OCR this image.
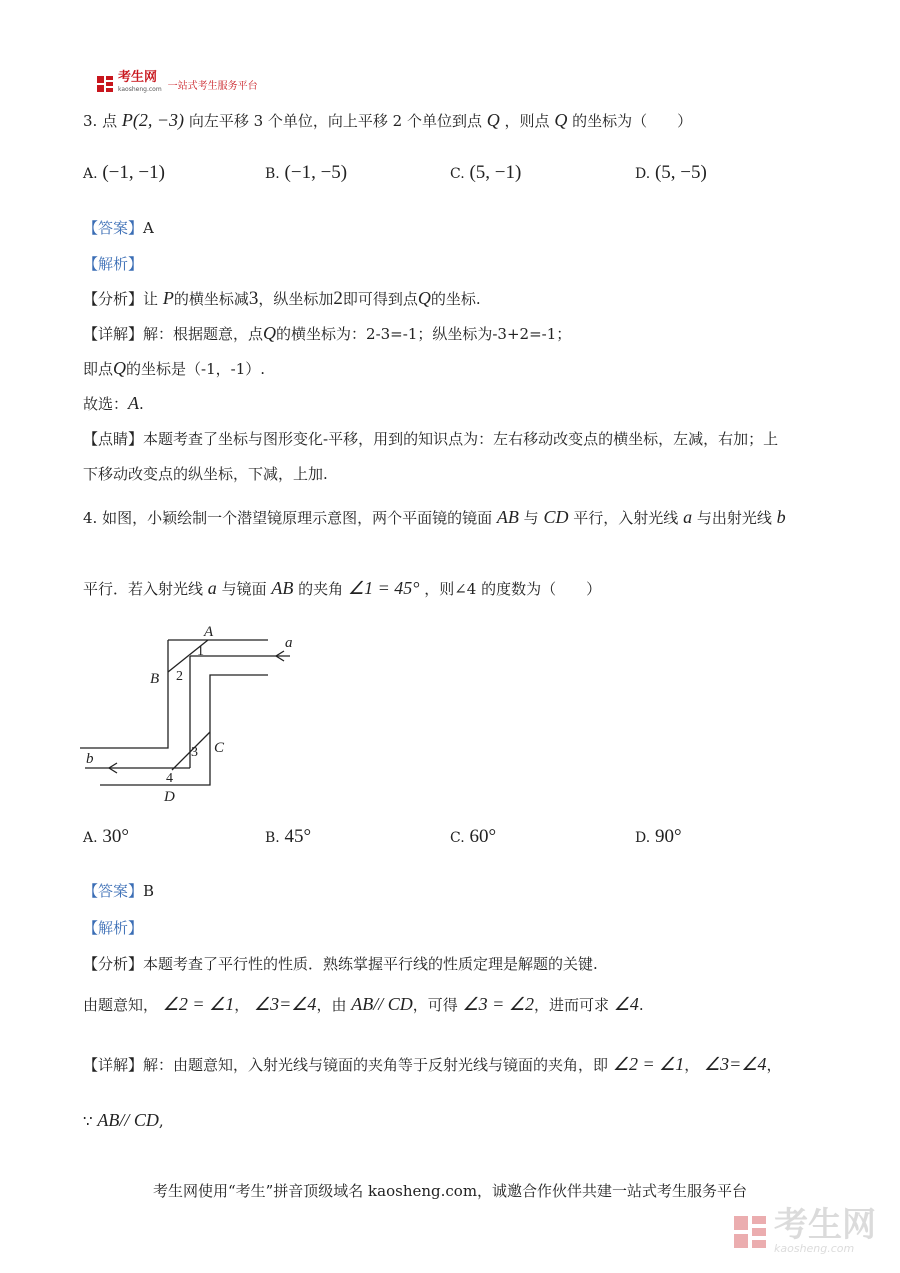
考生网
kaosheng.com 一站式考生服务平台
3. 点 P(2, −3) 向左平移 3 个单位，向上平移 2 个单位到点 Q ，则点 Q 的坐标为（　　）
A. (−1, −1)	B. (−1, −5)	C. (5, −1)	D. (5, −5)
【答案】A
【解析】
【分析】让 P的横坐标减3，纵坐标加2即可得到点Q的坐标.
【详解】解：根据题意，点Q的横坐标为：2-3=-1；纵坐标为-3+2=-1；
即点Q的坐标是（-1，-1）.
故选：A.
【点睛】本题考查了坐标与图形变化-平移，用到的知识点为：左右移动改变点的横坐标，左减，右加；上
下移动改变点的纵坐标，下减，上加.
4. 如图，小颖绘制一个潜望镜原理示意图，两个平面镜的镜面 AB 与 CD 平行，入射光线 a 与出射光线 b
平行．若入射光线 a 与镜面 AB 的夹角 ∠1 = 45° ，则∠4 的度数为（　　）
A
B
C
D
a
b
1
2
3
4
A. 30°	B. 45°	C. 60°	D. 90°
【答案】B
【解析】
【分析】本题考查了平行性的性质．熟练掌握平行线的性质定理是解题的关键.
由题意知， ∠2 = ∠1， ∠3=∠4，由 AB// CD，可得 ∠3 = ∠2，进而可求 ∠4.
【详解】解：由题意知，入射光线与镜面的夹角等于反射光线与镜面的夹角，即 ∠2 = ∠1， ∠3=∠4，
∵ AB// CD,
考生网使用“考生”拼音顶级域名 kaosheng.com，诚邀合作伙伴共建一站式考生服务平台
考生网
kaosheng.com
